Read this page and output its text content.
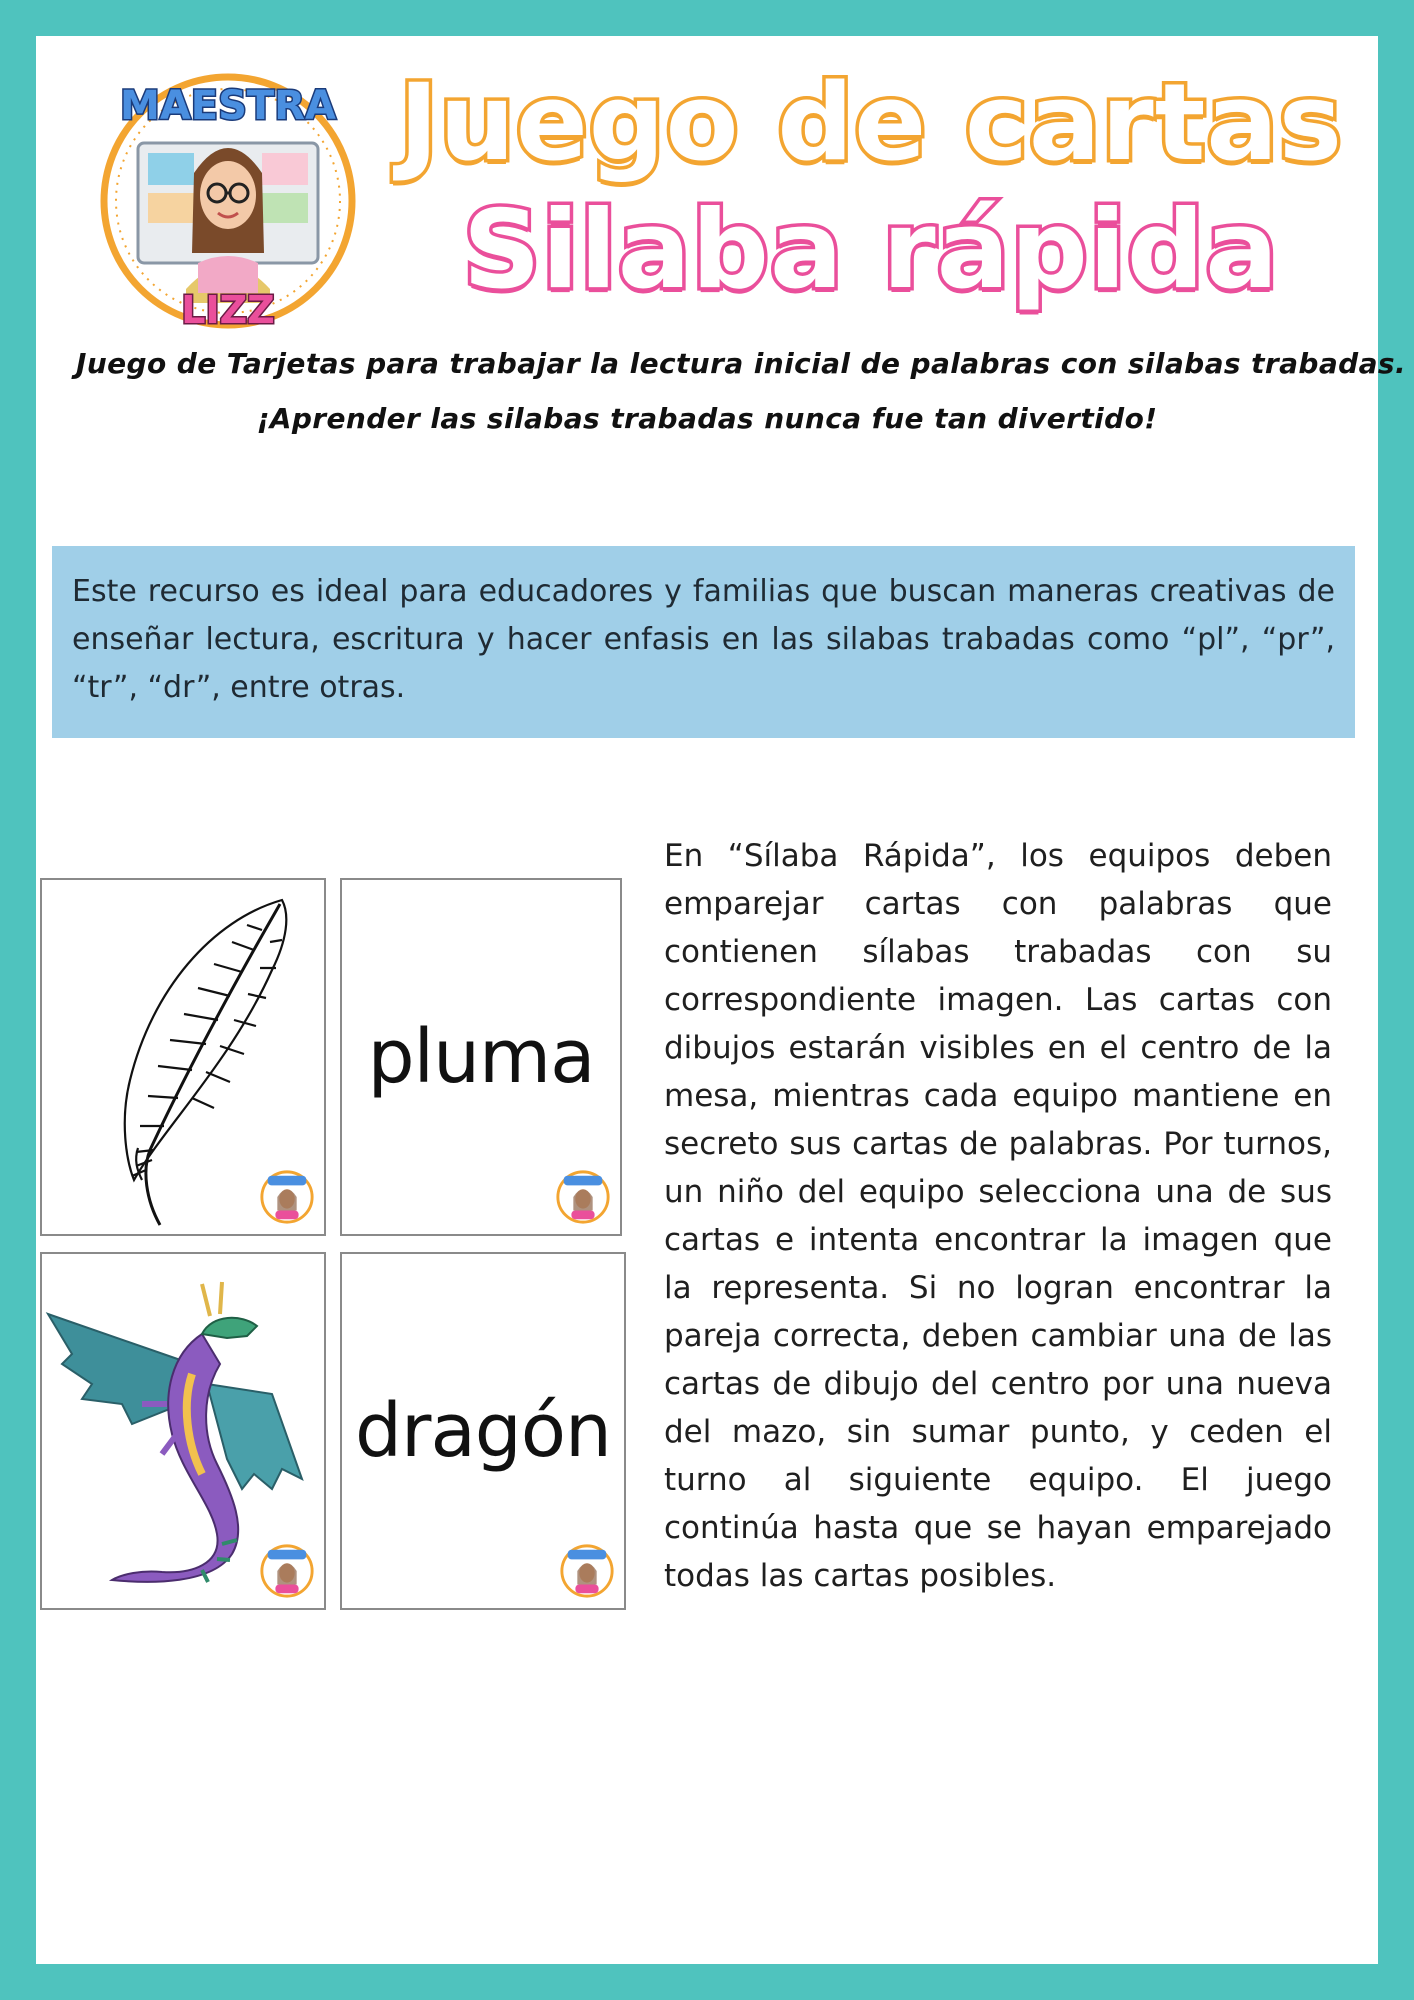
MAESTRA
LIZZ
Juego de cartas
Silaba rápida
Juego de Tarjetas para trabajar la lectura inicial de palabras con silabas trabadas.
¡Aprender las silabas trabadas nunca fue tan divertido!
Este recurso es ideal para educadores y familias que buscan maneras creativas de enseñar lectura, escritura y hacer enfasis en las silabas trabadas como “pl”, “pr”, “tr”, “dr”, entre otras.
pluma
dragón
En “Sílaba Rápida”, los equipos deben emparejar cartas con palabras que contienen sílabas trabadas con su correspondiente imagen. Las cartas con dibujos estarán visibles en el centro de la mesa, mientras cada equipo mantiene en secreto sus cartas de palabras. Por turnos, un niño del equipo selecciona una de sus cartas e intenta encontrar la imagen que la representa. Si no logran encontrar la pareja correcta, deben cambiar una de las cartas de dibujo del centro por una nueva del mazo, sin sumar punto, y ceden el turno al siguiente equipo. El juego continúa hasta que se hayan emparejado todas las cartas posibles.
